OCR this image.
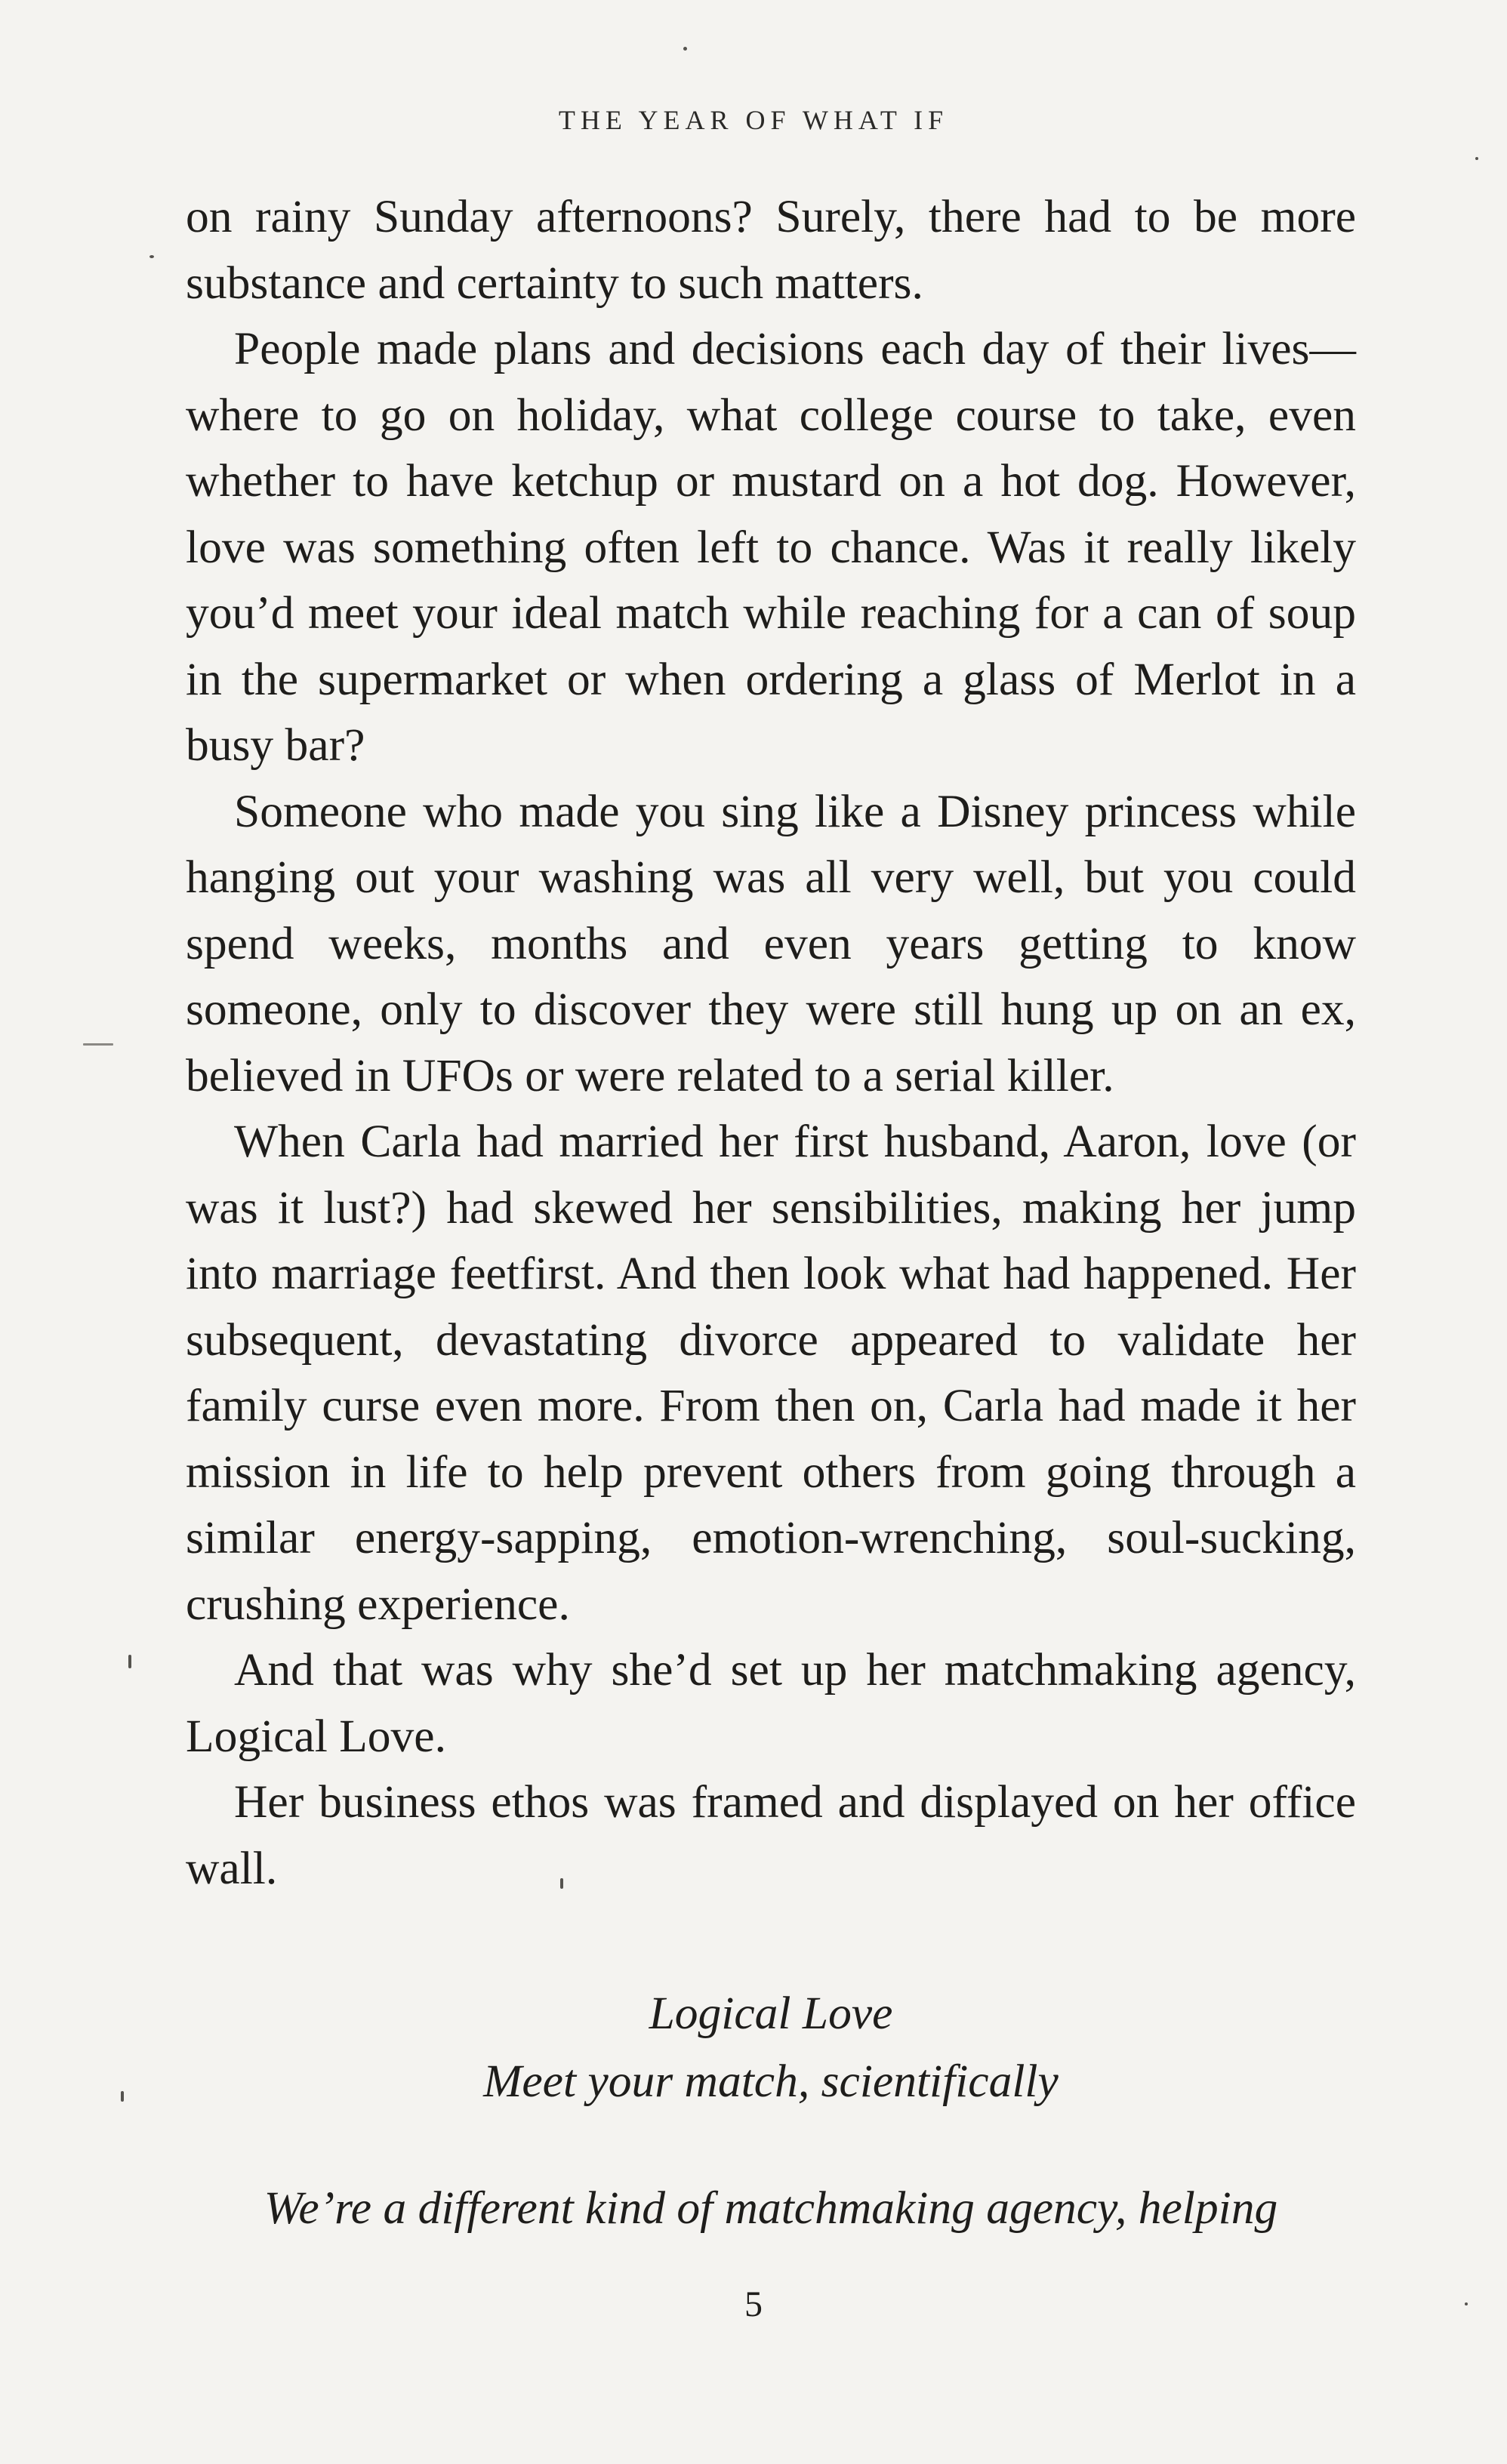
THE YEAR OF WHAT IF

on rainy Sunday afternoons? Surely, there had to be more substance and certainty to such matters.

People made plans and decisions each day of their lives—where to go on holiday, what college course to take, even whether to have ketchup or mustard on a hot dog. However, love was something often left to chance. Was it really likely you’d meet your ideal match while reaching for a can of soup in the supermarket or when ordering a glass of Merlot in a busy bar?

Someone who made you sing like a Disney princess while hanging out your washing was all very well, but you could spend weeks, months and even years getting to know someone, only to discover they were still hung up on an ex, believed in UFOs or were related to a serial killer.

When Carla had married her first husband, Aaron, love (or was it lust?) had skewed her sensibilities, making her jump into marriage feetfirst. And then look what had happened. Her subsequent, devastating divorce appeared to validate her family curse even more. From then on, Carla had made it her mission in life to help prevent others from going through a similar energy-sapping, emotion-wrenching, soul-sucking, crushing experience.

And that was why she’d set up her matchmaking agency, Logical Love.

Her business ethos was framed and displayed on her office wall.

Logical Love
Meet your match, scientifically
We’re a different kind of matchmaking agency, helping
5
